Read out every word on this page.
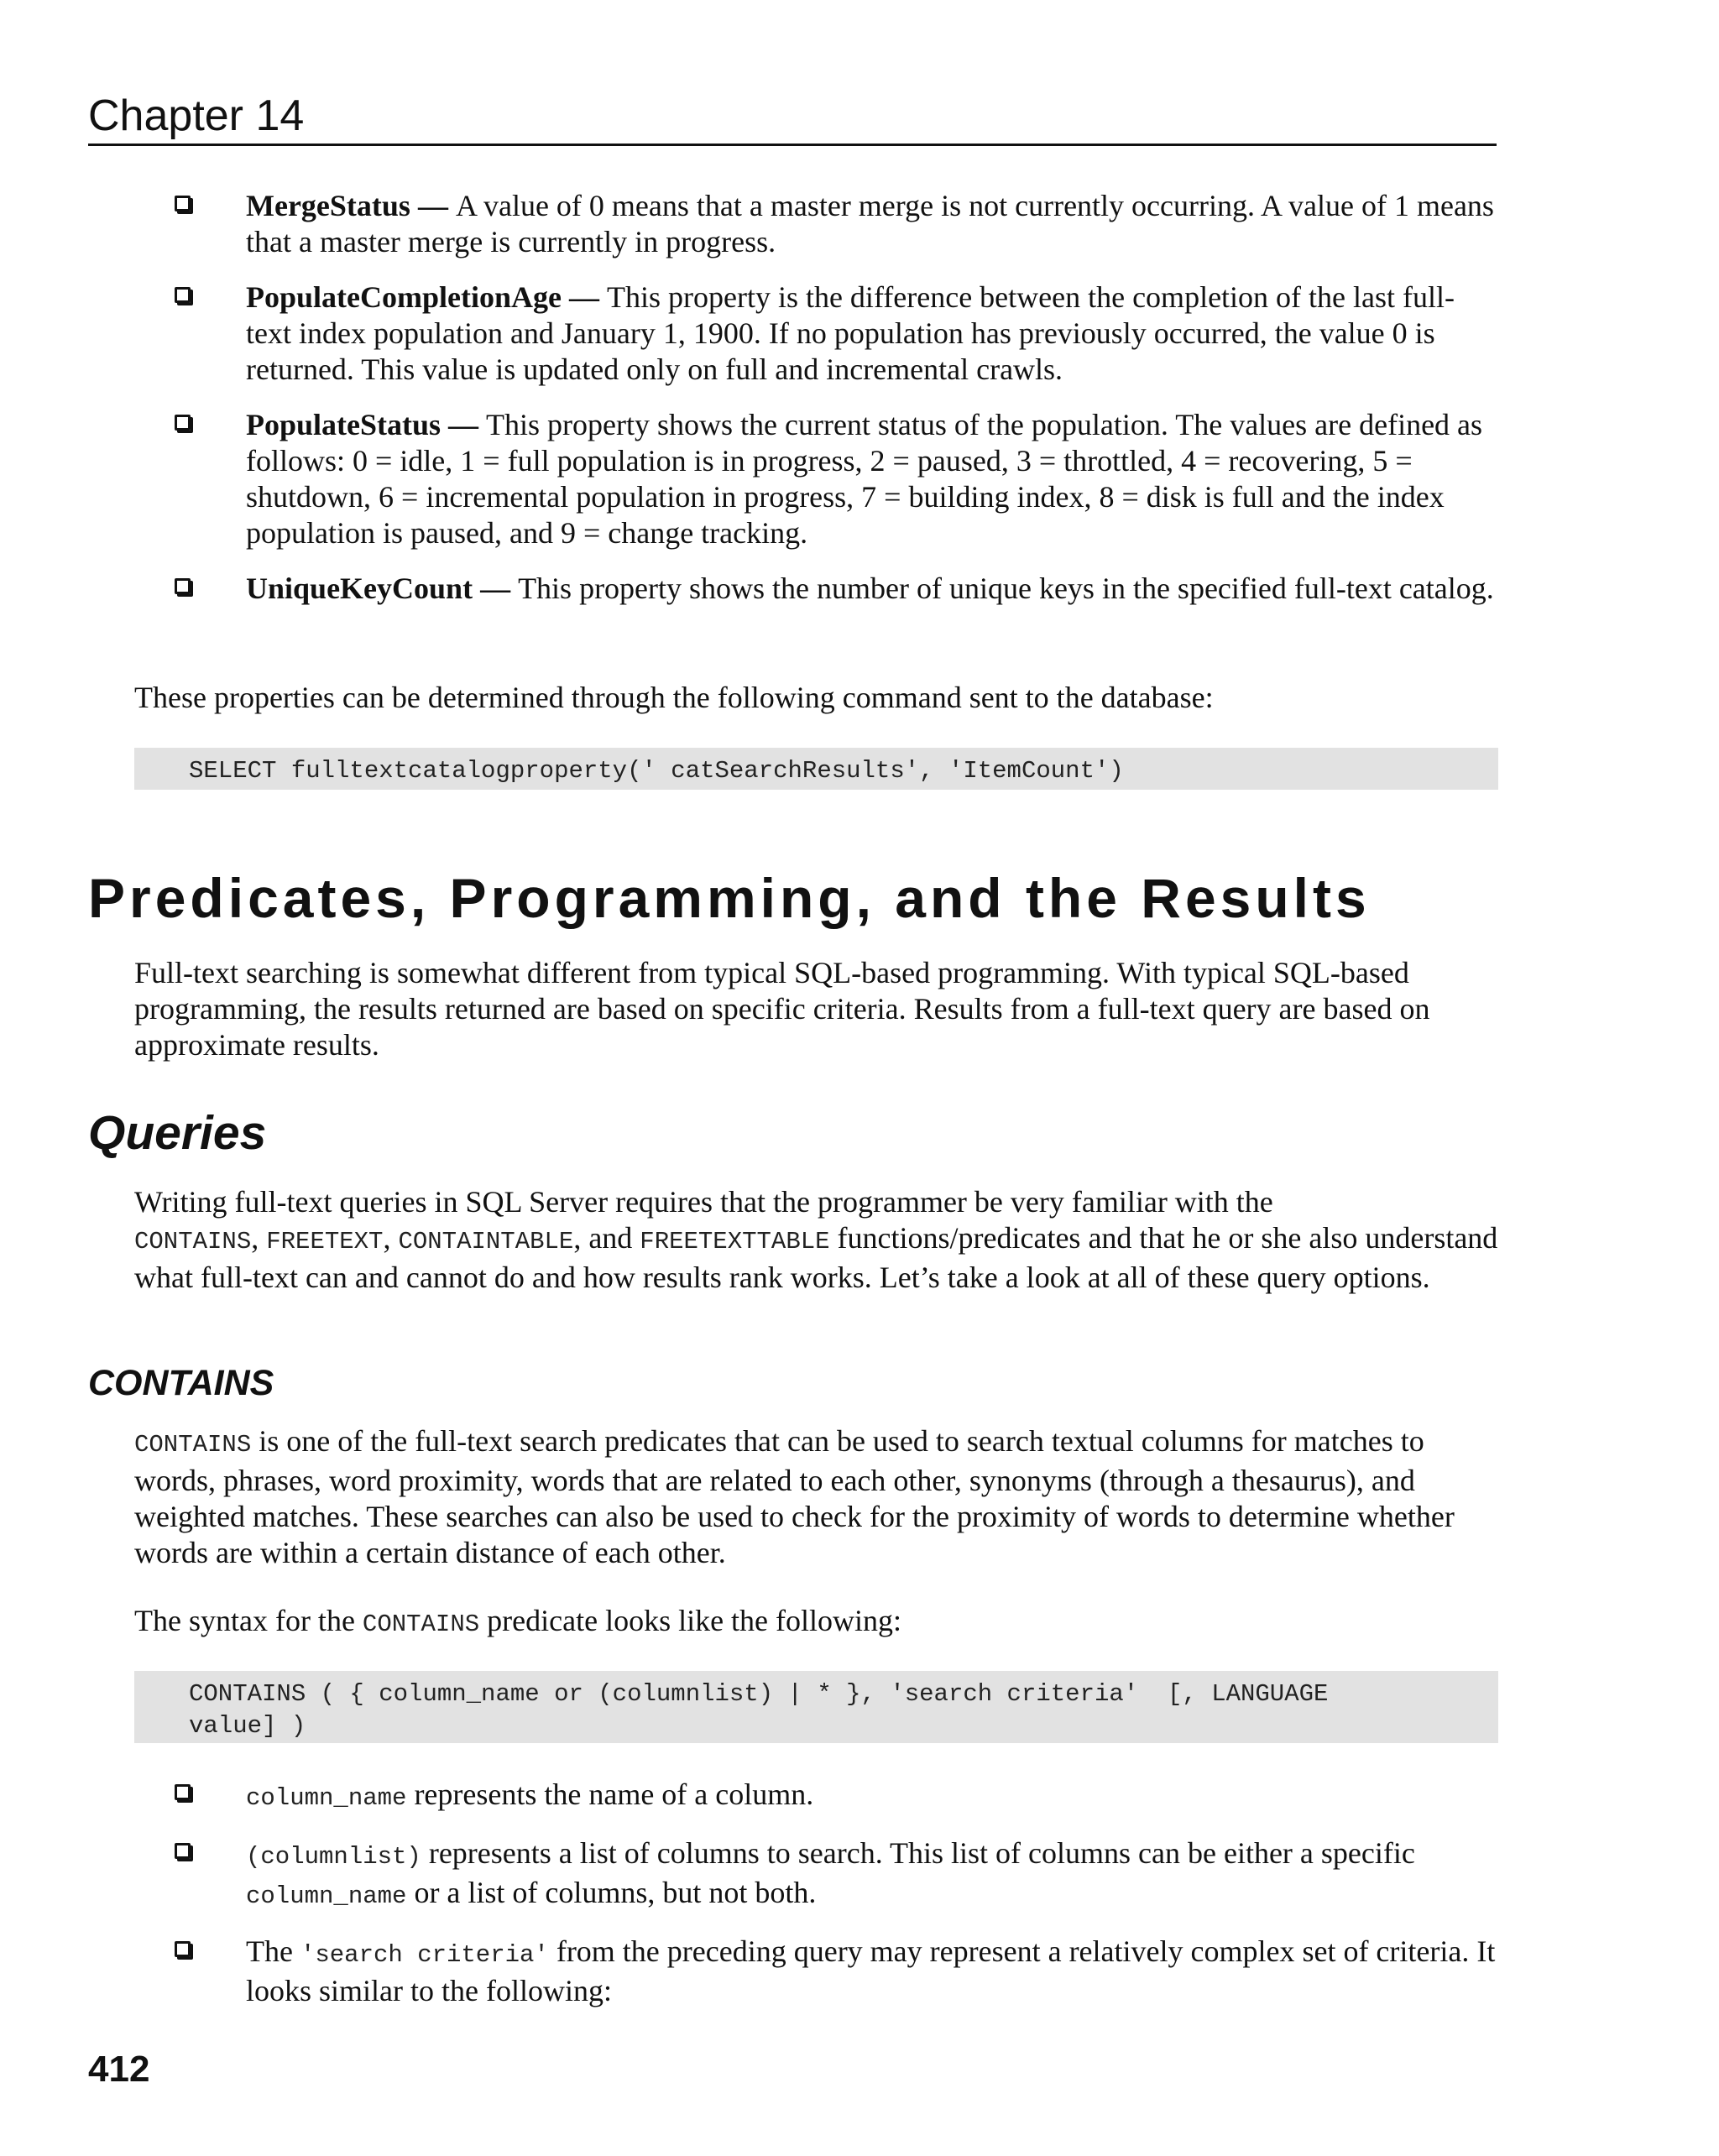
Chapter 14
MergeStatus — A value of 0 means that a master merge is not currently occurring. A value of 1 means that a master merge is currently in progress.
PopulateCompletionAge — This property is the difference between the completion of the last full-text index population and January 1, 1900. If no population has previously occurred, the value 0 is returned. This value is updated only on full and incremental crawls.
PopulateStatus — This property shows the current status of the population. The values are defined as follows: 0 = idle, 1 = full population is in progress, 2 = paused, 3 = throttled, 4 = recovering, 5 = shutdown, 6 = incremental population in progress, 7 = building index, 8 = disk is full and the index population is paused, and 9 = change tracking.
UniqueKeyCount — This property shows the number of unique keys in the specified full-text catalog.

These properties can be determined through the following command sent to the database:

SELECT fulltextcatalogproperty(' catSearchResults', 'ItemCount')
Predicates, Programming, and the Results

Full-text searching is somewhat different from typical SQL-based programming. With typical SQL-based programming, the results returned are based on specific criteria. Results from a full-text query are based on approximate results.

Queries

Writing full-text queries in SQL Server requires that the programmer be very familiar with the
CONTAINS, FREETEXT, CONTAINTABLE, and FREETEXTTABLE functions/predicates and that he or she also understand what full-text can and cannot do and how results rank works. Let’s take a look at all of these query options.

CONTAINS

CONTAINS is one of the full-text search predicates that can be used to search textual columns for matches to words, phrases, word proximity, words that are related to each other, synonyms (through a thesaurus), and weighted matches. These searches can also be used to check for the proximity of words to determine whether words are within a certain distance of each other.

The syntax for the CONTAINS predicate looks like the following:

CONTAINS ( { column_name or (columnlist) | * }, 'search criteria'  [, LANGUAGE
value] )
column_name represents the name of a column.
(columnlist) represents a list of columns to search. This list of columns can be either a specific column_name or a list of columns, but not both.
The 'search criteria' from the preceding query may represent a relatively complex set of criteria. It looks similar to the following:
412
